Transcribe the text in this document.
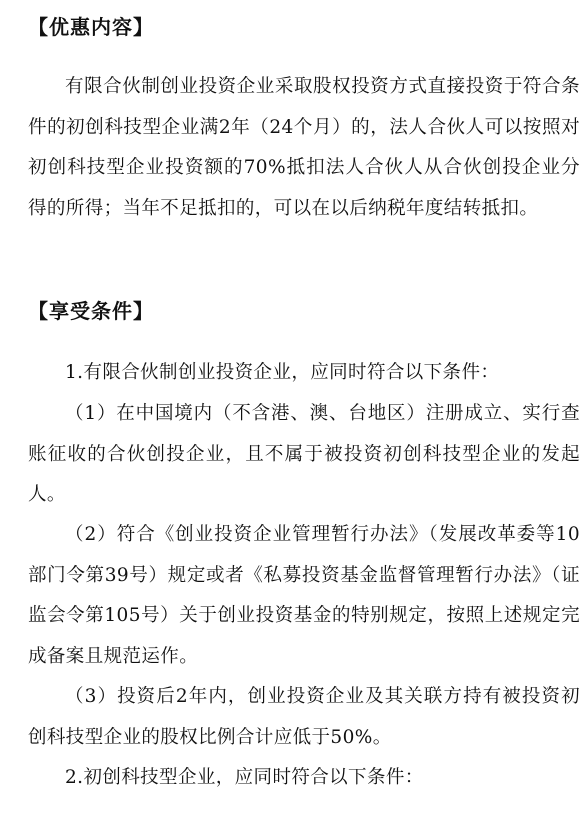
【优惠内容】
有限合伙制创业投资企业采取股权投资方式直接投资于符合条件的初创科技型企业满2年（24个月）的，法人合伙人可以按照对初创科技型企业投资额的70%抵扣法人合伙人从合伙创投企业分得的所得；当年不足抵扣的，可以在以后纳税年度结转抵扣。
【享受条件】
1.有限合伙制创业投资企业，应同时符合以下条件：
（1）在中国境内（不含港、澳、台地区）注册成立、实行查账征收的合伙创投企业，且不属于被投资初创科技型企业的发起人。
（2）符合《创业投资企业管理暂行办法》（发展改革委等10部门令第39号）规定或者《私募投资基金监督管理暂行办法》（证监会令第105号）关于创业投资基金的特别规定，按照上述规定完成备案且规范运作。
（3）投资后2年内，创业投资企业及其关联方持有被投资初创科技型企业的股权比例合计应低于50%。
2.初创科技型企业，应同时符合以下条件：
